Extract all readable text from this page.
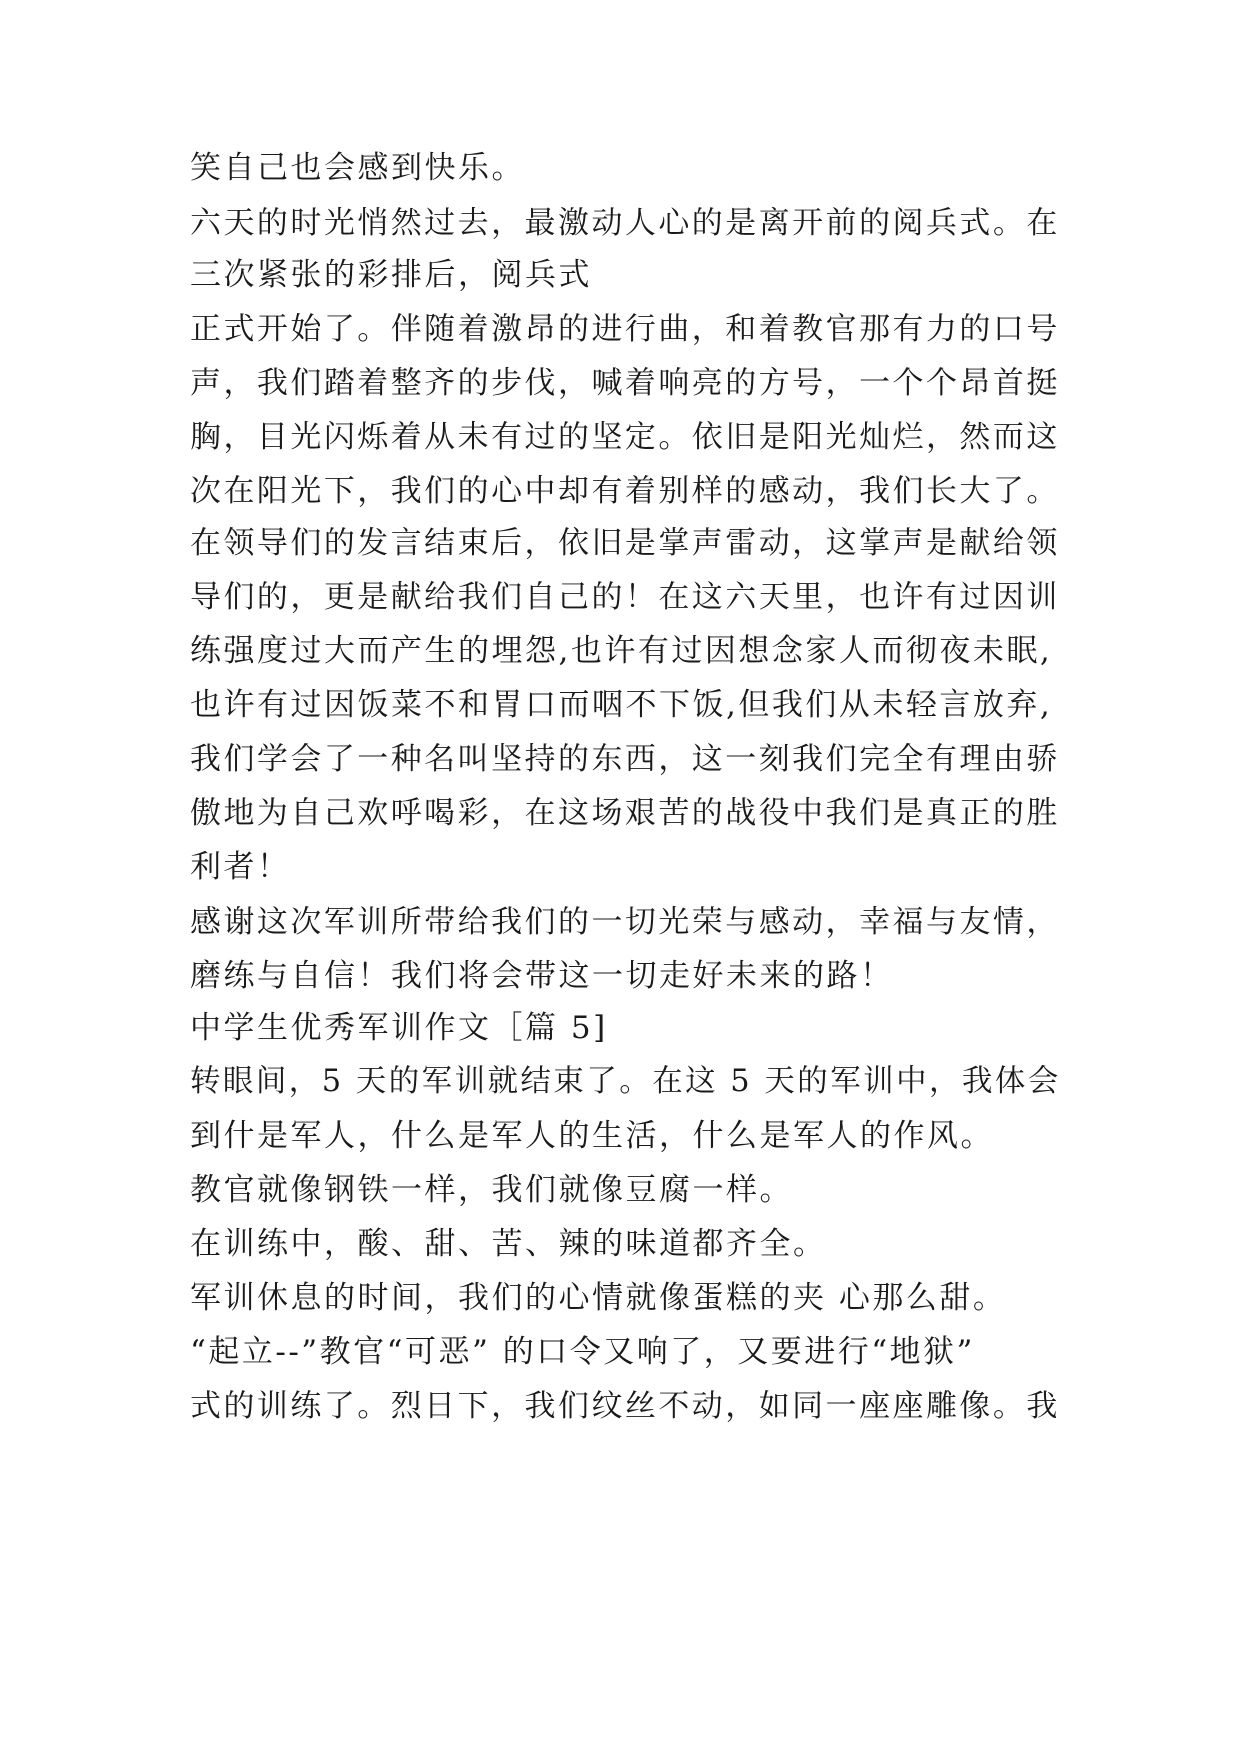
笑自己也会感到快乐。
六天的时光悄然过去，最激动人心的是离开前的阅兵式。在
三次紧张的彩排后，阅兵式
正式开始了。伴随着激昂的进行曲，和着教官那有力的口号
声，我们踏着整齐的步伐，喊着响亮的方号，一个个昂首挺
胸，目光闪烁着从未有过的坚定。依旧是阳光灿烂，然而这
次在阳光下，我们的心中却有着别样的感动，我们长大了。
在领导们的发言结束后，依旧是掌声雷动，这掌声是献给领
导们的，更是献给我们自己的！在这六天里，也许有过因训
练强度过大而产生的埋怨,也许有过因想念家人而彻夜未眠,
也许有过因饭菜不和胃口而咽不下饭,但我们从未轻言放弃,
我们学会了一种名叫坚持的东西，这一刻我们完全有理由骄
傲地为自己欢呼喝彩，在这场艰苦的战役中我们是真正的胜
利者！
感谢这次军训所带给我们的一切光荣与感动，幸福与友情，
磨练与自信！我们将会带这一切走好未来的路！
中学生优秀军训作文［篇 5]
转眼间，5 天的军训就结束了。在这 5 天的军训中，我体会
到什是军人，什么是军人的生活，什么是军人的作风。
教官就像钢铁一样，我们就像豆腐一样。
在训练中，酸、甜、苦、辣的味道都齐全。
军训休息的时间，我们的心情就像蛋糕的夹 心那么甜。
“起立--”教官“可恶” 的口令又响了，又要进行“地狱”
式的训练了。烈日下，我们纹丝不动，如同一座座雕像。我
